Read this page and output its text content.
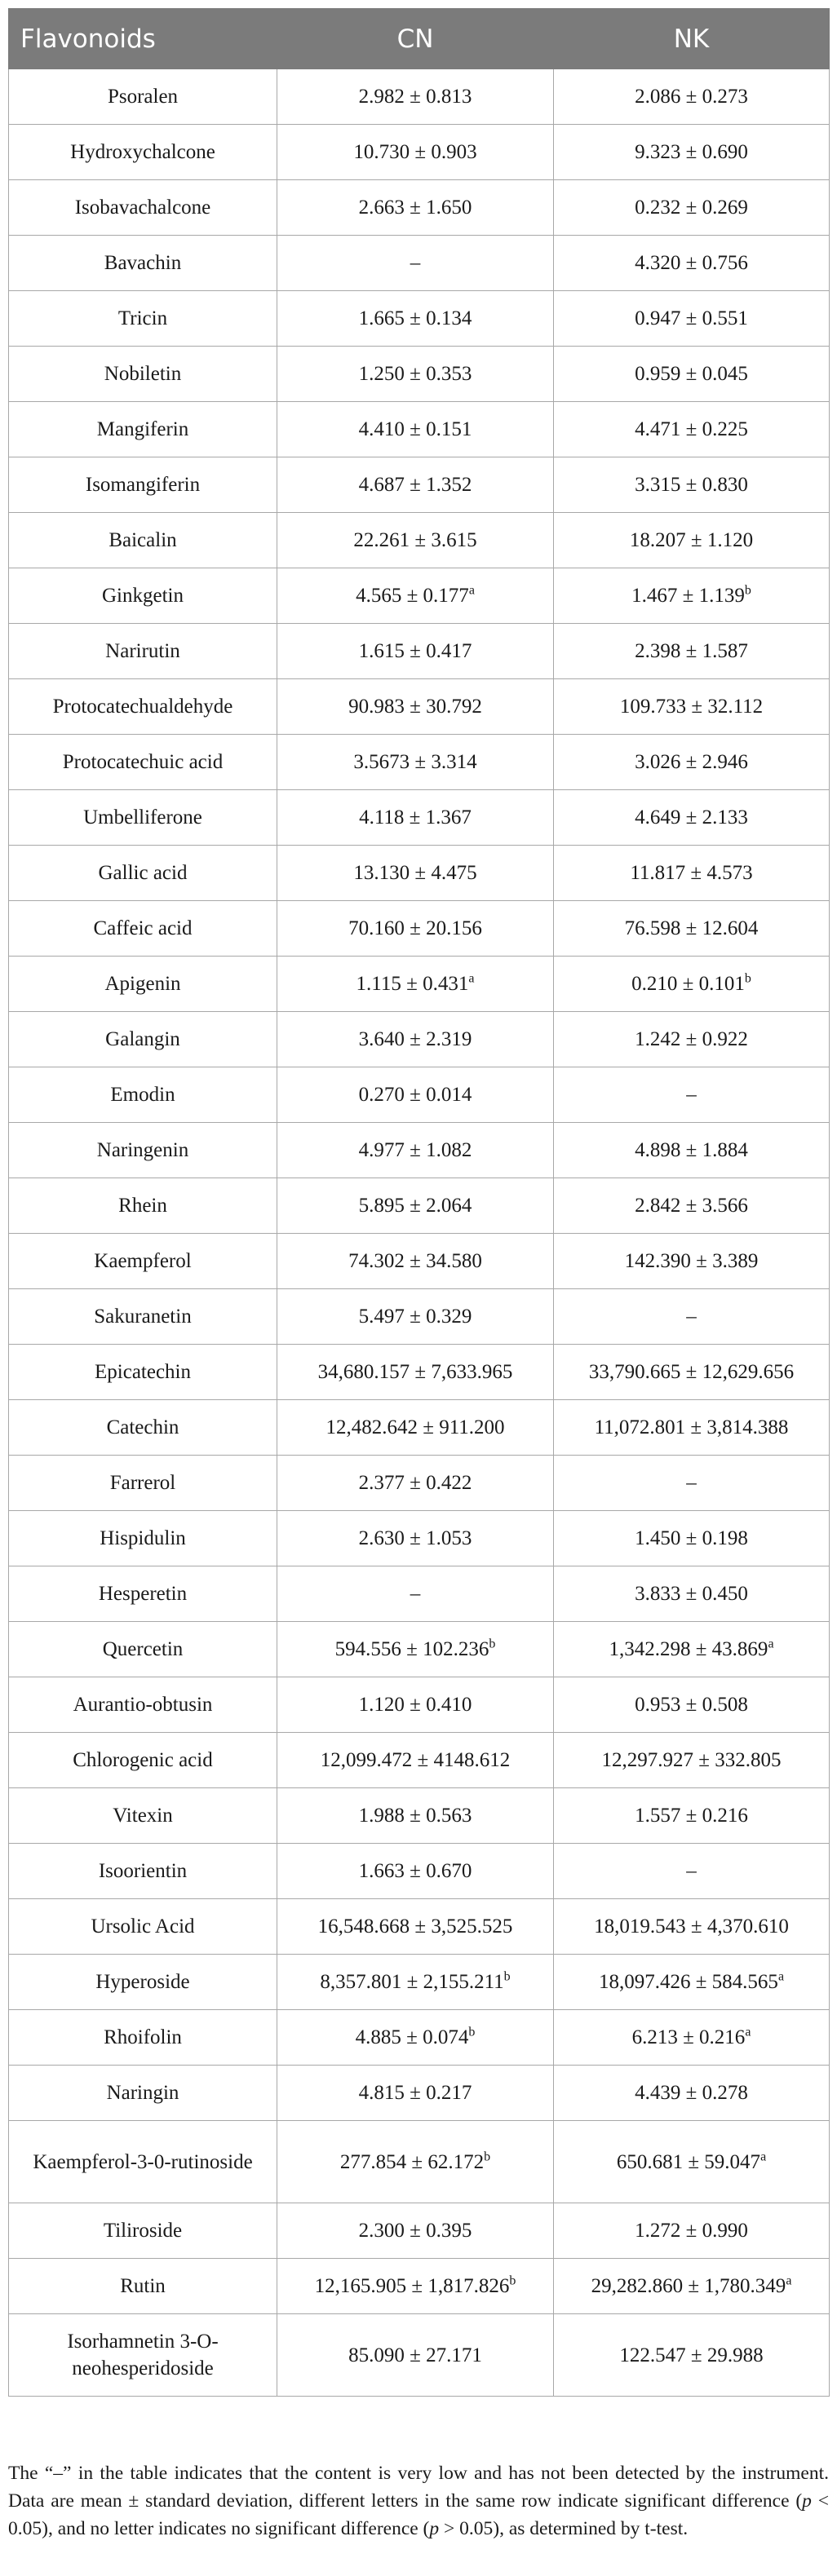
Flavonoids	CN	NK
Psoralen	2.982 ± 0.813	2.086 ± 0.273
Hydroxychalcone	10.730 ± 0.903	9.323 ± 0.690
Isobavachalcone	2.663 ± 1.650	0.232 ± 0.269
Bavachin	–	4.320 ± 0.756
Tricin	1.665 ± 0.134	0.947 ± 0.551
Nobiletin	1.250 ± 0.353	0.959 ± 0.045
Mangiferin	4.410 ± 0.151	4.471 ± 0.225
Isomangiferin	4.687 ± 1.352	3.315 ± 0.830
Baicalin	22.261 ± 3.615	18.207 ± 1.120
Ginkgetin	4.565 ± 0.177$^a$	1.467 ± 1.139$^b$
Narirutin	1.615 ± 0.417	2.398 ± 1.587
Protocatechualdehyde	90.983 ± 30.792	109.733 ± 32.112
Protocatechuic acid	3.5673 ± 3.314	3.026 ± 2.946
Umbelliferone	4.118 ± 1.367	4.649 ± 2.133
Gallic acid	13.130 ± 4.475	11.817 ± 4.573
Caffeic acid	70.160 ± 20.156	76.598 ± 12.604
Apigenin	1.115 ± 0.431$^a$	0.210 ± 0.101$^b$
Galangin	3.640 ± 2.319	1.242 ± 0.922
Emodin	0.270 ± 0.014	–
Naringenin	4.977 ± 1.082	4.898 ± 1.884
Rhein	5.895 ± 2.064	2.842 ± 3.566
Kaempferol	74.302 ± 34.580	142.390 ± 3.389
Sakuranetin	5.497 ± 0.329	–
Epicatechin	34,680.157 ± 7,633.965	33,790.665 ± 12,629.656
Catechin	12,482.642 ± 911.200	11,072.801 ± 3,814.388
Farrerol	2.377 ± 0.422	–
Hispidulin	2.630 ± 1.053	1.450 ± 0.198
Hesperetin	–	3.833 ± 0.450
Quercetin	594.556 ± 102.236$^b$	1,342.298 ± 43.869$^a$
Aurantio-obtusin	1.120 ± 0.410	0.953 ± 0.508
Chlorogenic acid	12,099.472 ± 4148.612	12,297.927 ± 332.805
Vitexin	1.988 ± 0.563	1.557 ± 0.216
Isoorientin	1.663 ± 0.670	–
Ursolic Acid	16,548.668 ± 3,525.525	18,019.543 ± 4,370.610
Hyperoside	8,357.801 ± 2,155.211$^b$	18,097.426 ± 584.565$^a$
Rhoifolin	4.885 ± 0.074$^b$	6.213 ± 0.216$^a$
Naringin	4.815 ± 0.217	4.439 ± 0.278
Kaempferol-3-0-rutinoside	277.854 ± 62.172$^b$	650.681 ± 59.047$^a$
Tiliroside	2.300 ± 0.395	1.272 ± 0.990
Rutin	12,165.905 ± 1,817.826$^b$	29,282.860 ± 1,780.349$^a$
Isorhamnetin 3-O-neohesperidoside	85.090 ± 27.171	122.547 ± 29.988

The “–” in the table indicates that the content is very low and has not been detected by the instrument. Data are mean ± standard deviation, different letters in the same row indicate significant difference (p < 0.05), and no letter indicates no significant difference (p > 0.05), as determined by t-test.
